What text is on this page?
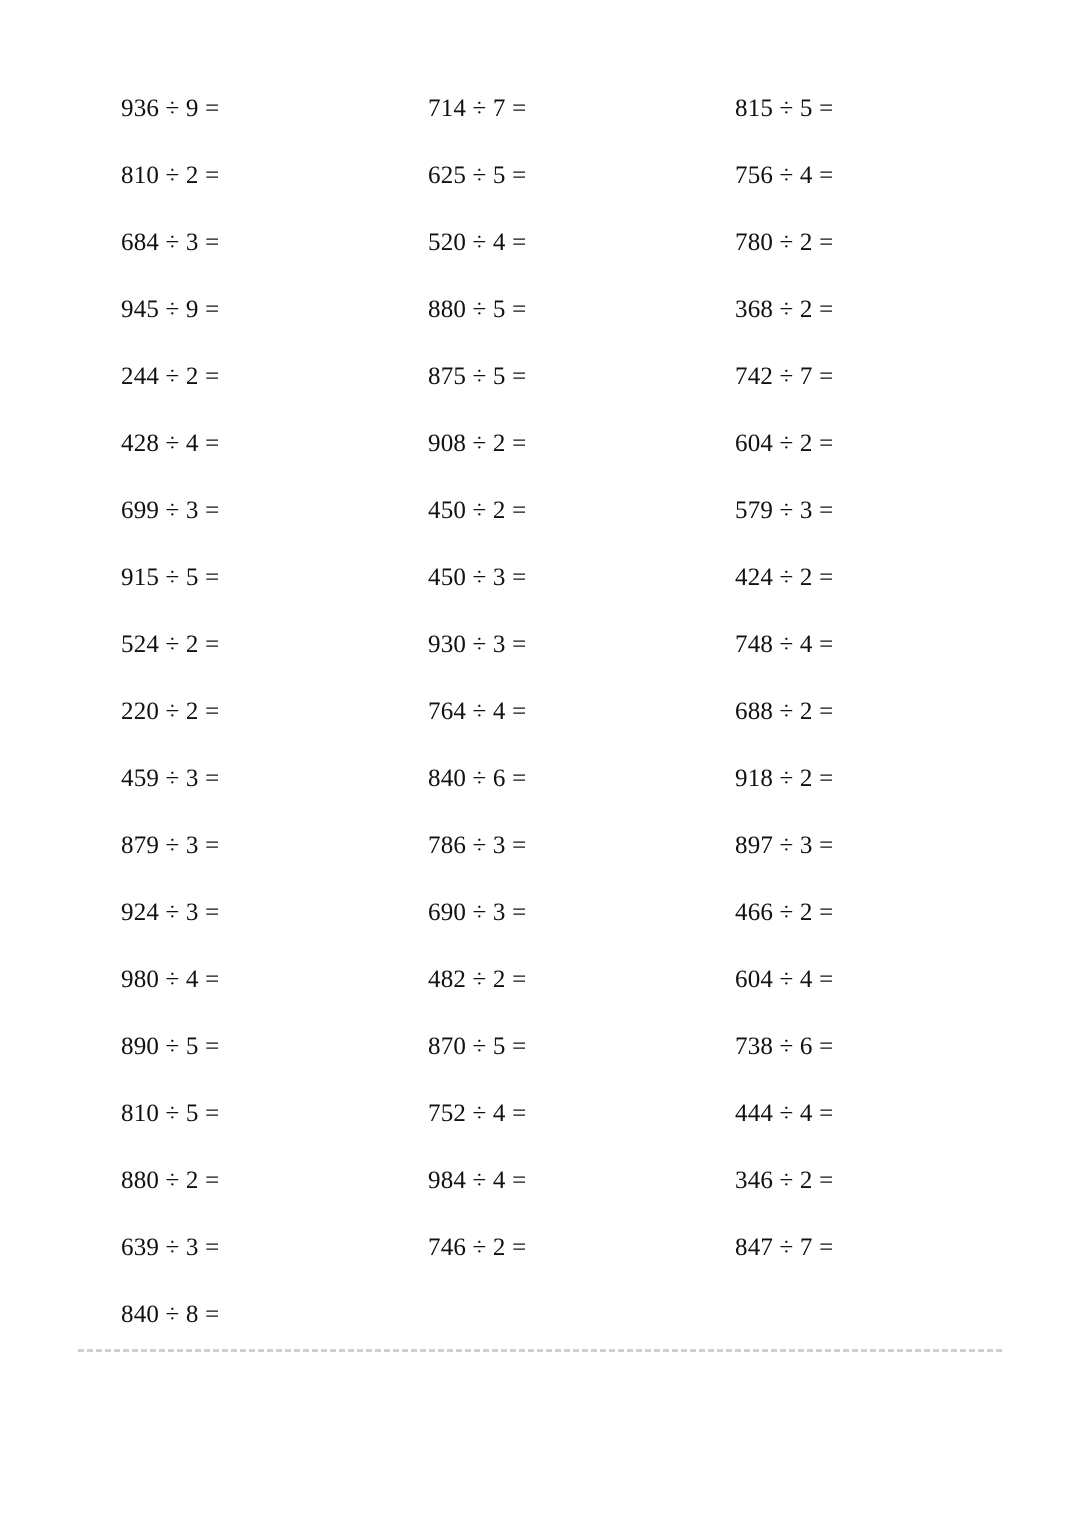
936 ÷ 9 =	714 ÷ 7 =	815 ÷ 5 =
810 ÷ 2 =	625 ÷ 5 =	756 ÷ 4 =
684 ÷ 3 =	520 ÷ 4 =	780 ÷ 2 =
945 ÷ 9 =	880 ÷ 5 =	368 ÷ 2 =
244 ÷ 2 =	875 ÷ 5 =	742 ÷ 7 =
428 ÷ 4 =	908 ÷ 2 =	604 ÷ 2 =
699 ÷ 3 =	450 ÷ 2 =	579 ÷ 3 =
915 ÷ 5 =	450 ÷ 3 =	424 ÷ 2 =
524 ÷ 2 =	930 ÷ 3 =	748 ÷ 4 =
220 ÷ 2 =	764 ÷ 4 =	688 ÷ 2 =
459 ÷ 3 =	840 ÷ 6 =	918 ÷ 2 =
879 ÷ 3 =	786 ÷ 3 =	897 ÷ 3 =
924 ÷ 3 =	690 ÷ 3 =	466 ÷ 2 =
980 ÷ 4 =	482 ÷ 2 =	604 ÷ 4 =
890 ÷ 5 =	870 ÷ 5 =	738 ÷ 6 =
810 ÷ 5 =	752 ÷ 4 =	444 ÷ 4 =
880 ÷ 2 =	984 ÷ 4 =	346 ÷ 2 =
639 ÷ 3 =	746 ÷ 2 =	847 ÷ 7 =
840 ÷ 8 =
